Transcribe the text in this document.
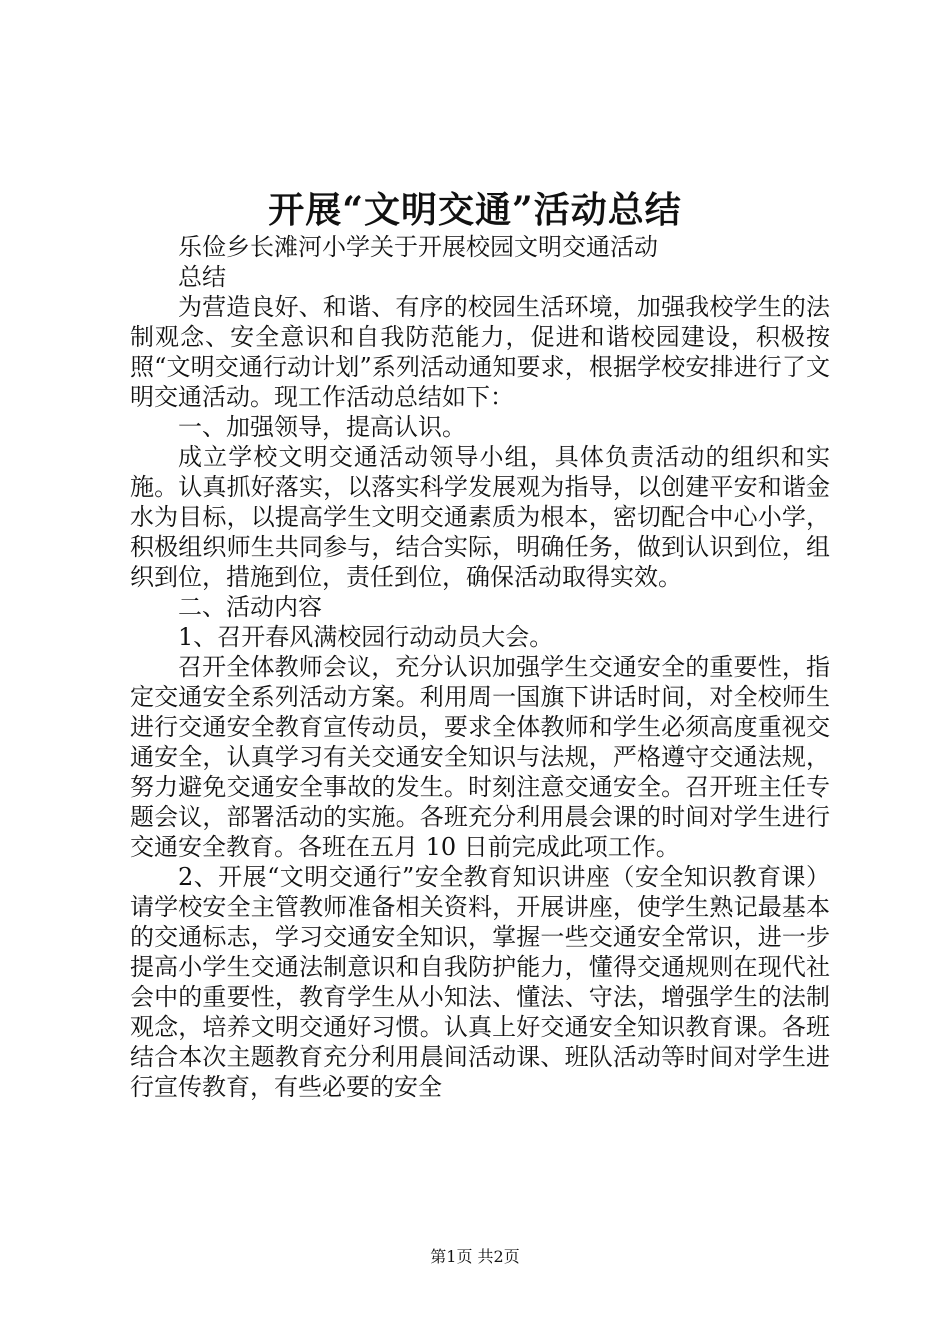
开展“文明交通”活动总结

乐俭乡长滩河小学关于开展校园文明交通活动总结

为营造良好、和谐、有序的校园生活环境，加强我校学生的法制观念、安全意识和自我防范能力，促进和谐校园建设，积极按照“文明交通行动计划”系列活动通知要求，根据学校安排进行了文明交通活动。现工作活动总结如下：

一、加强领导，提高认识。

成立学校文明交通活动领导小组，具体负责活动的组织和实施。认真抓好落实，以落实科学发展观为指导，以创建平安和谐金水为目标，以提高学生文明交通素质为根本，密切配合中心小学，积极组织师生共同参与，结合实际，明确任务，做到认识到位，组织到位，措施到位，责任到位，确保活动取得实效。

二、活动内容

1、召开春风满校园行动动员大会。

召开全体教师会议，充分认识加强学生交通安全的重要性，指定交通安全系列活动方案。利用周一国旗下讲话时间，对全校师生进行交通安全教育宣传动员，要求全体教师和学生必须高度重视交通安全，认真学习有关交通安全知识与法规，严格遵守交通法规，努力避免交通安全事故的发生。时刻注意交通安全。召开班主任专题会议，部署活动的实施。各班充分利用晨会课的时间对学生进行交通安全教育。各班在五月 10 日前完成此项工作。

2、开展“文明交通行”安全教育知识讲座（安全知识教育课）请学校安全主管教师准备相关资料，开展讲座，使学生熟记最基本的交通标志，学习交通安全知识，掌握一些交通安全常识，进一步提高小学生交通法制意识和自我防护能力，懂得交通规则在现代社会中的重要性，教育学生从小知法、懂法、守法，增强学生的法制观念，培养文明交通好习惯。认真上好交通安全知识教育课。各班结合本次主题教育充分利用晨间活动课、班队活动等时间对学生进行宣传教育，有些必要的安全

第1页 共2页
